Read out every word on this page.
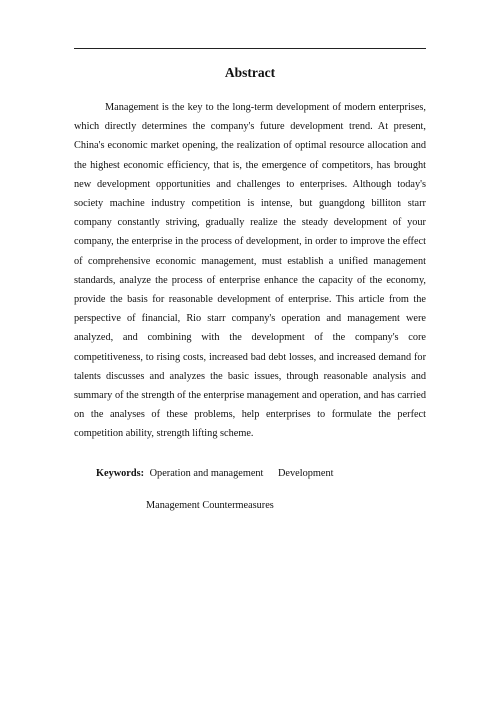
Abstract

Management is the key to the long-term development of modern enterprises, which directly determines the company's future development trend. At present, China's economic market opening, the realization of optimal resource allocation and the highest economic efficiency, that is, the emergence of competitors, has brought new development opportunities and challenges to enterprises. Although today's society machine industry competition is intense, but guangdong billiton starr company constantly striving, gradually realize the steady development of your company, the enterprise in the process of development, in order to improve the effect of comprehensive economic management, must establish a unified management standards, analyze the process of enterprise enhance the capacity of the economy, provide the basis for reasonable development of enterprise. This article from the perspective of financial, Rio starr company's operation and management were analyzed, and combining with the development of the company's core competitiveness, to rising costs, increased bad debt losses, and increased demand for talents discusses and analyzes the basic issues, through reasonable analysis and summary of the strength of the enterprise management and operation, and has carried on the analyses of these problems, help enterprises to formulate the perfect competition ability, strength lifting scheme.

Keywords: Operation and management Development
Management Countermeasures
